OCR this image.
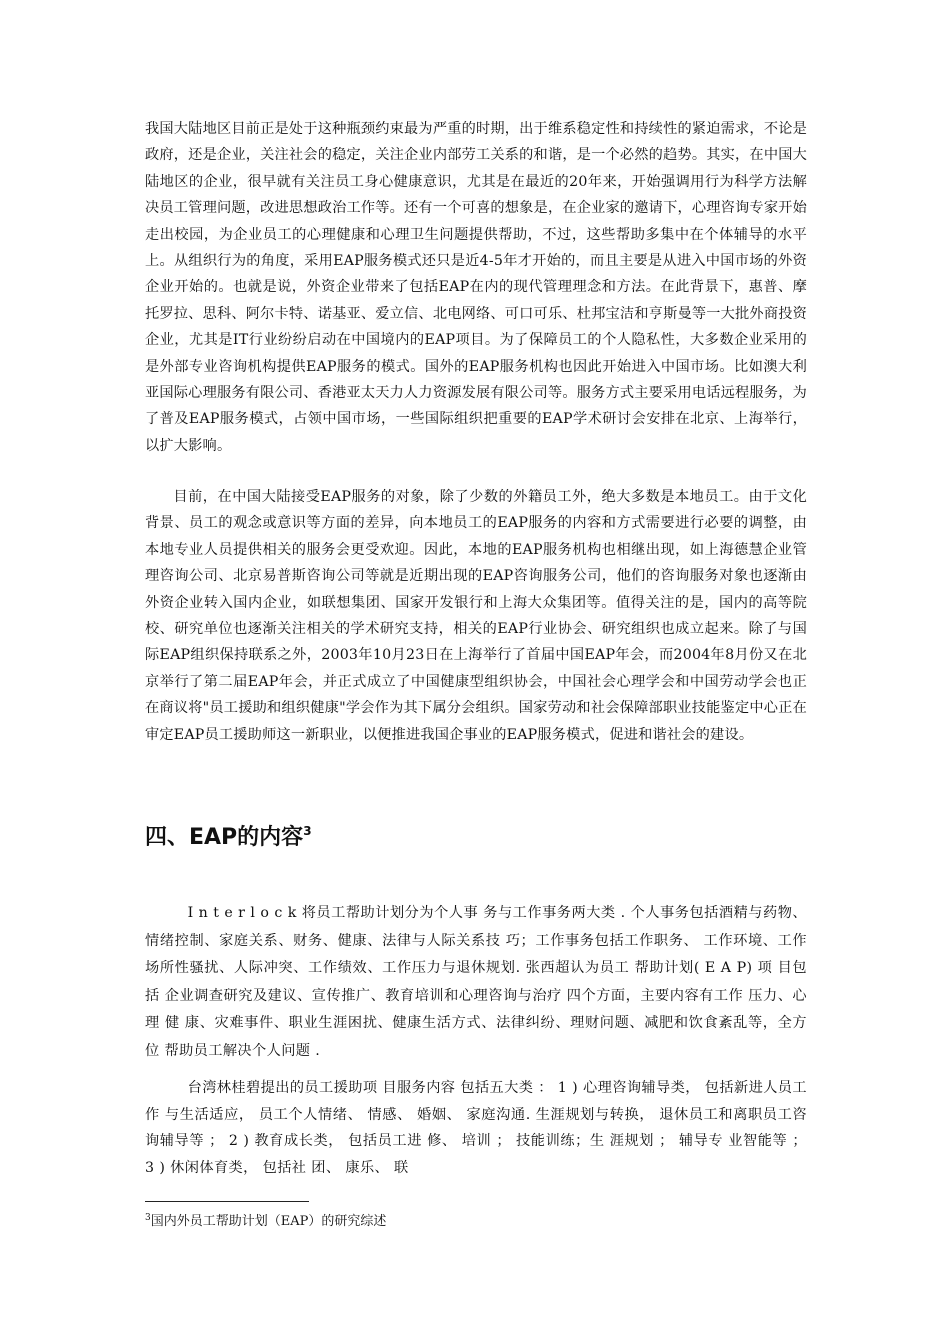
我国大陆地区目前正是处于这种瓶颈约束最为严重的时期，出于维系稳定性和持续性的紧迫需求，不论是政府，还是企业，关注社会的稳定，关注企业内部劳工关系的和谐，是一个必然的趋势。其实，在中国大陆地区的企业，很早就有关注员工身心健康意识，尤其是在最近的20年来，开始强调用行为科学方法解决员工管理问题，改进思想政治工作等。还有一个可喜的想象是，在企业家的邀请下，心理咨询专家开始走出校园，为企业员工的心理健康和心理卫生问题提供帮助，不过，这些帮助多集中在个体辅导的水平上。从组织行为的角度，采用EAP服务模式还只是近4-5年才开始的，而且主要是从进入中国市场的外资企业开始的。也就是说，外资企业带来了包括EAP在内的现代管理理念和方法。在此背景下，惠普、摩托罗拉、思科、阿尔卡特、诺基亚、爱立信、北电网络、可口可乐、杜邦宝洁和亨斯曼等一大批外商投资企业，尤其是IT行业纷纷启动在中国境内的EAP项目。为了保障员工的个人隐私性，大多数企业采用的是外部专业咨询机构提供EAP服务的模式。国外的EAP服务机构也因此开始进入中国市场。比如澳大利亚国际心理服务有限公司、香港亚太天力人力资源发展有限公司等。服务方式主要采用电话远程服务，为了普及EAP服务模式，占领中国市场，一些国际组织把重要的EAP学术研讨会安排在北京、上海举行，以扩大影响。

目前，在中国大陆接受EAP服务的对象，除了少数的外籍员工外，绝大多数是本地员工。由于文化背景、员工的观念或意识等方面的差异，向本地员工的EAP服务的内容和方式需要进行必要的调整，由本地专业人员提供相关的服务会更受欢迎。因此，本地的EAP服务机构也相继出现，如上海德慧企业管理咨询公司、北京易普斯咨询公司等就是近期出现的EAP咨询服务公司，他们的咨询服务对象也逐渐由外资企业转入国内企业，如联想集团、国家开发银行和上海大众集团等。值得关注的是，国内的高等院校、研究单位也逐渐关注相关的学术研究支持，相关的EAP行业协会、研究组织也成立起来。除了与国际EAP组织保持联系之外，2003年10月23日在上海举行了首届中国EAP年会，而2004年8月份又在北京举行了第二届EAP年会，并正式成立了中国健康型组织协会，中国社会心理学会和中国劳动学会也正在商议将"员工援助和组织健康"学会作为其下属分会组织。国家劳动和社会保障部职业技能鉴定中心正在审定EAP员工援助师这一新职业，以便推进我国企事业的EAP服务模式，促进和谐社会的建设。

四、EAP的内容$^3$

I n t e r l o c k 将员工帮助计划分为个人事 务与工作事务两大类 . 个人事务包括酒精与药物、情绪控制、家庭关系、财务、健康、法律与人际关系技 巧；工作事务包括工作职务、 工作环境、工作场所性骚扰、人际冲突、工作绩效、工作压力与退休规划. 张西超认为员工 帮助计划( E A P) 项 目包括 企业调查研究及建议、宣传推广、教育培训和心理咨询与治疗 四个方面，主要内容有工作 压力、心理 健 康、灾难事件、职业生涯困扰、健康生活方式、法律纠纷、理财问题、减肥和饮食紊乱等，全方位 帮助员工解决个人问题 .

台湾林桂碧提出的员工援助项 目服务内容 包括五大类 ： 1 ) 心理咨询辅导类， 包括新进人员工作 与生活适应， 员工个人情绪、 情感、 婚姻、 家庭沟通. 生涯规划与转换， 退休员工和离职员工咨询辅导等 ； 2 ) 教育成长类， 包括员工进 修、 培训 ； 技能训练；生 涯规划 ； 辅导专 业智能等 ； 3 ) 休闲体育类， 包括社 团、 康乐、 联

$^3$国内外员工帮助计划（EAP）的研究综述
